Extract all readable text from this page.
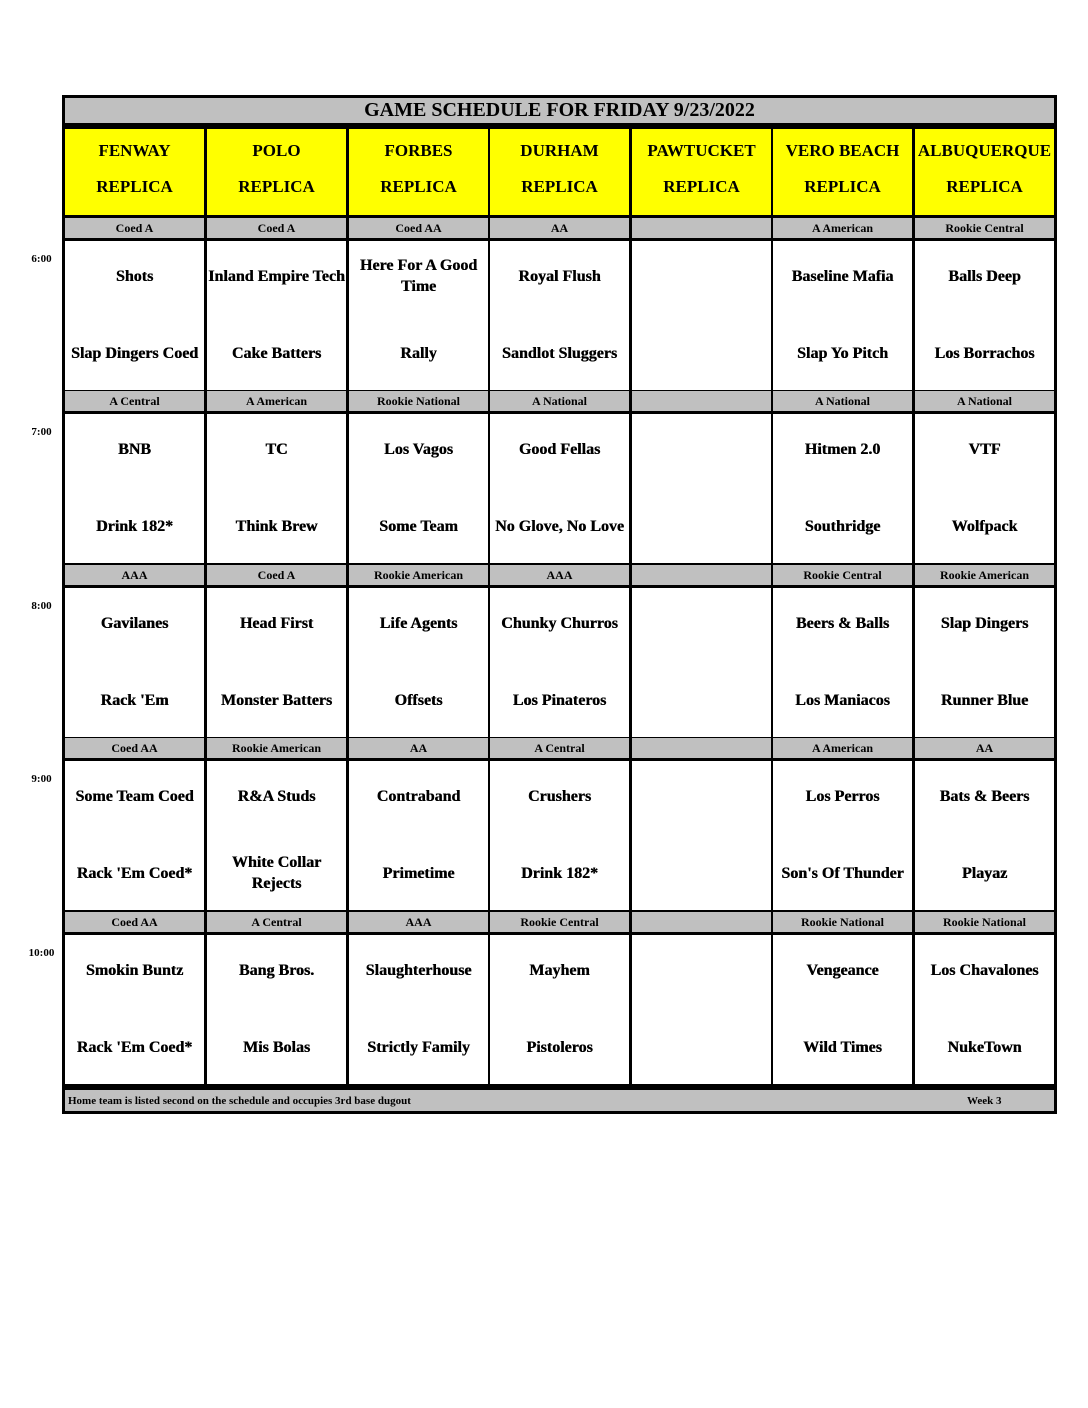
GAME SCHEDULE FOR FRIDAY 9/23/2022
Home team is listed second on the schedule and occupies 3rd base dugout	Week 3
FENWAY
REPLICA
POLO
REPLICA
FORBES
REPLICA
DURHAM
REPLICA
PAWTUCKET
REPLICA
VERO BEACH
REPLICA
ALBUQUERQUE
REPLICA
Coed A
Shots
Slap Dingers Coed
Coed A
Inland Empire Tech
Cake Batters
Coed AA
Here For A Good Time
Rally
AA
Royal Flush
Sandlot Sluggers
A American
Baseline Mafia
Slap Yo Pitch
Rookie Central
Balls Deep
Los Borrachos
A Central
BNB
Drink 182*
A American
TC
Think Brew
Rookie National
Los Vagos
Some Team
A National
Good Fellas
No Glove, No Love
A National
Hitmen 2.0
Southridge
A National
VTF
Wolfpack
AAA
Gavilanes
Rack 'Em
Coed A
Head First
Monster Batters
Rookie American
Life Agents
Offsets
AAA
Chunky Churros
Los Pinateros
Rookie Central
Beers & Balls
Los Maniacos
Rookie American
Slap Dingers
Runner Blue
Coed AA
Some Team Coed
Rack 'Em Coed*
Rookie American
R&A Studs
White Collar Rejects
AA
Contraband
Primetime
A Central
Crushers
Drink 182*
A American
Los Perros
Son's Of Thunder
AA
Bats & Beers
Playaz
Coed AA
Smokin Buntz
Rack 'Em Coed*
A Central
Bang Bros.
Mis Bolas
AAA
Slaughterhouse
Strictly Family
Rookie Central
Mayhem
Pistoleros
Rookie National
Vengeance
Wild Times
Rookie National
Los Chavalones
NukeTown
6:00
7:00
8:00
9:00
10:00
